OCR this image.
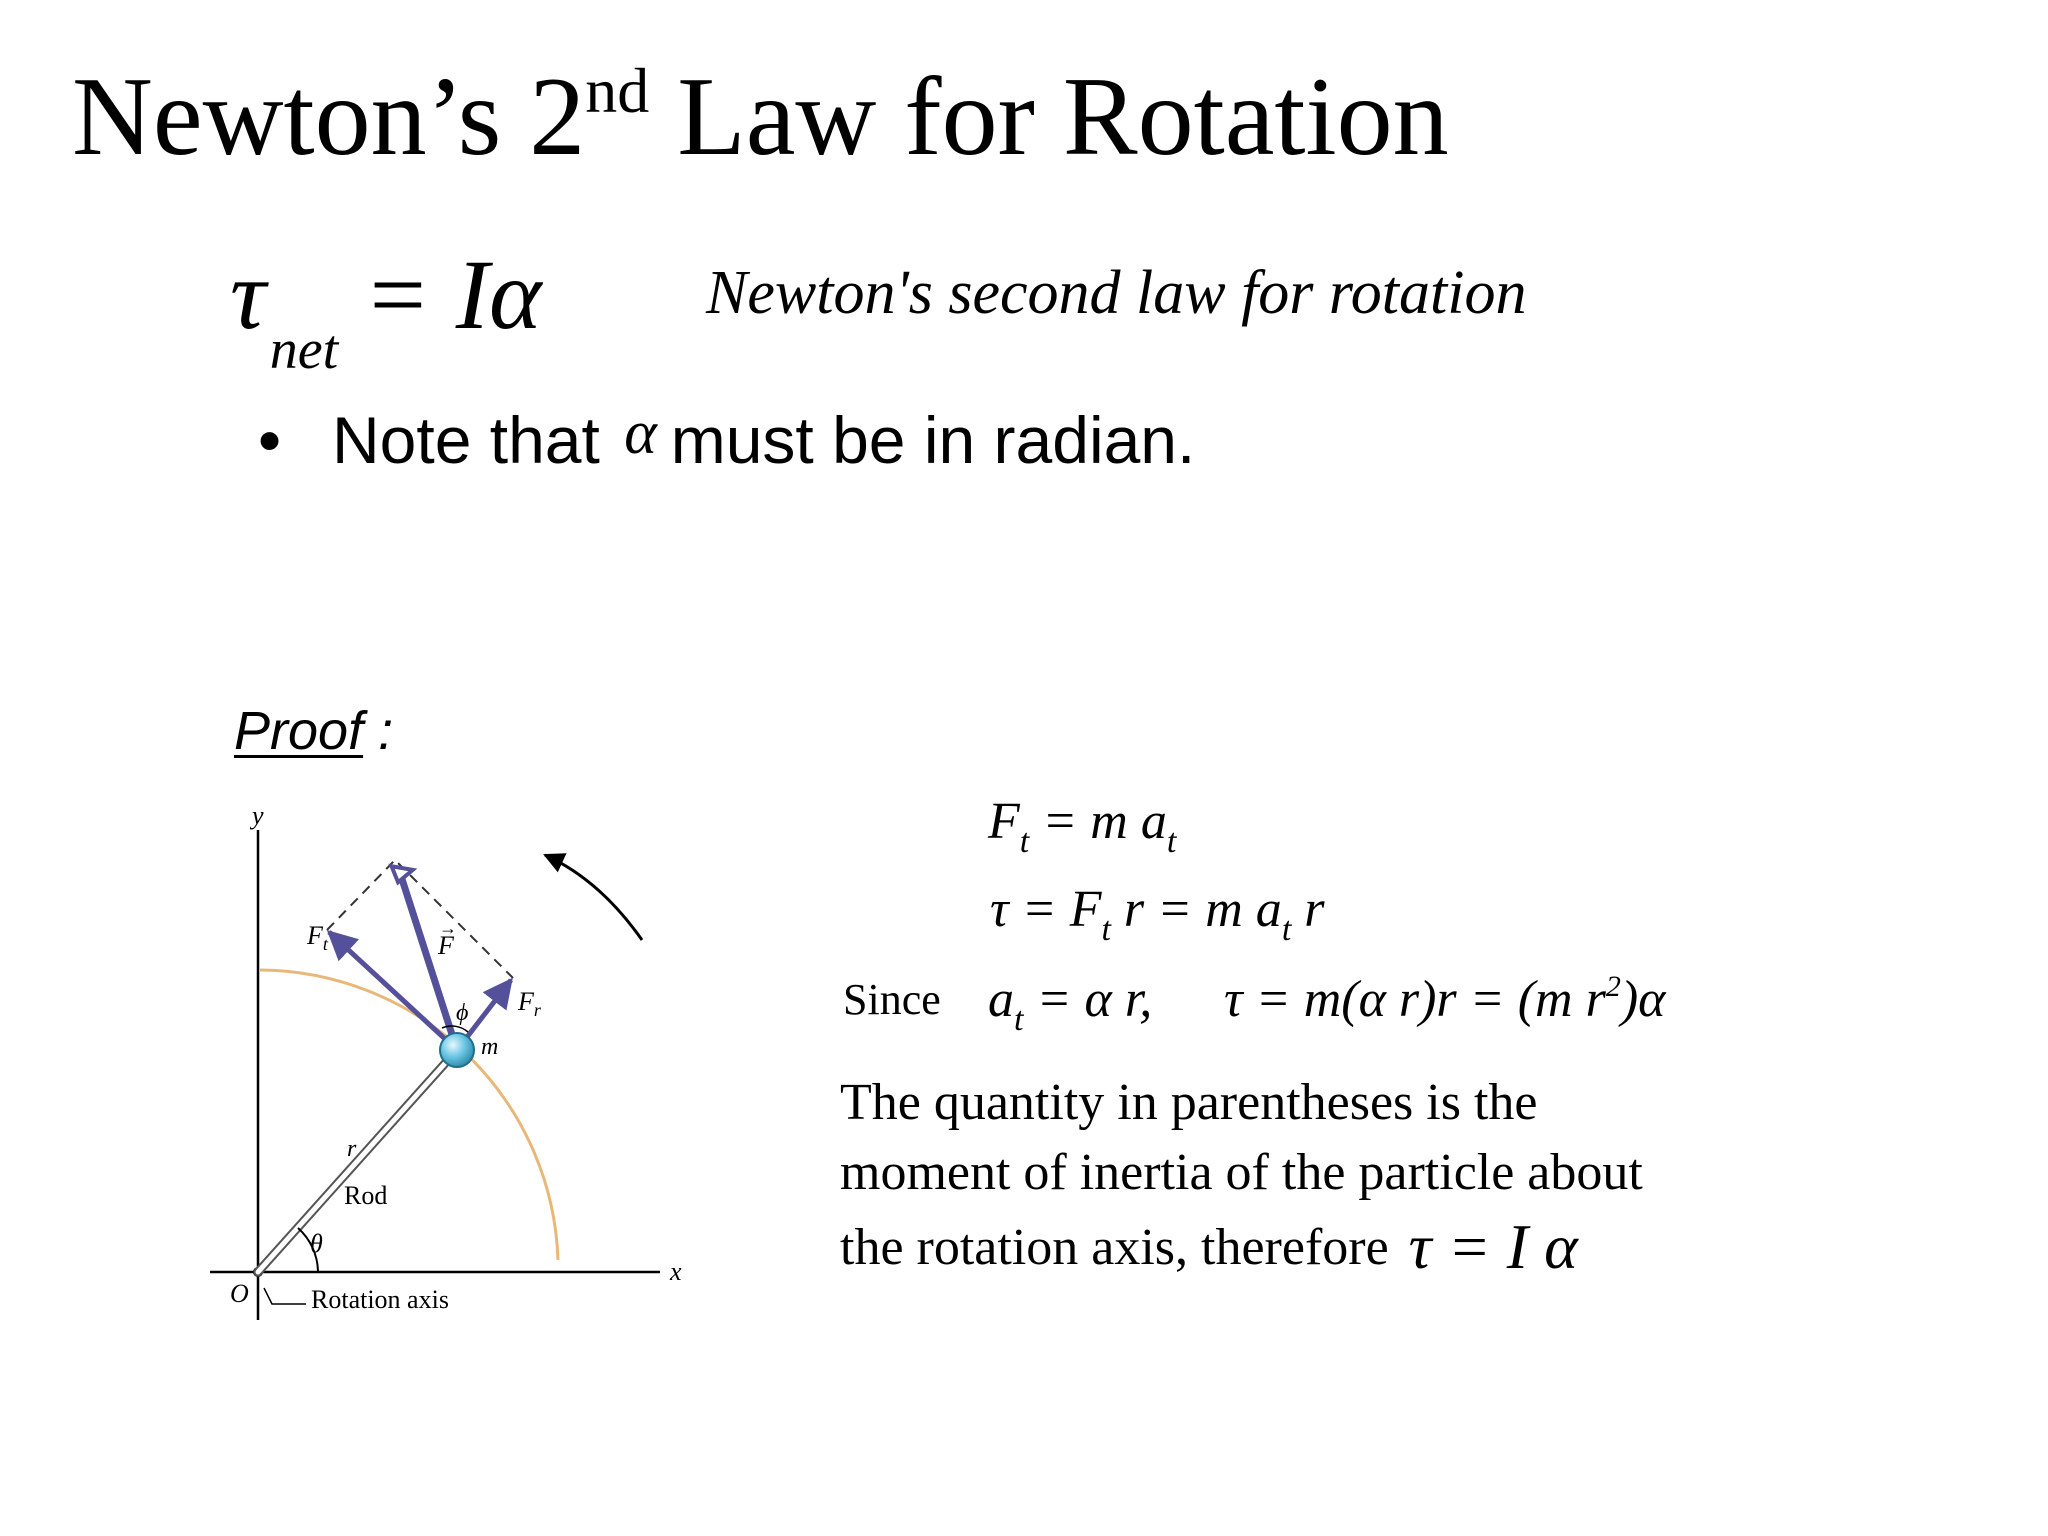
Newton’s 2nd Law for Rotation
$\tau_{net} = I\alpha$	Newton's second law for rotation
• Note that α must be in radian.
Proof :
y
x
O
$F_t$	F
→
$F_r$
ϕ
m
r
θ
Rod
Rotation axis
$F_t = m$ $a_t$
$\tau = F_t$ r = m $a_t$ r
Since $a_t = \alpha$ r, τ = m(α r)r = (m $r^2)\alpha$
The quantity in parentheses is the
moment of inertia of the particle about
the rotation axis, therefore τ = I α
